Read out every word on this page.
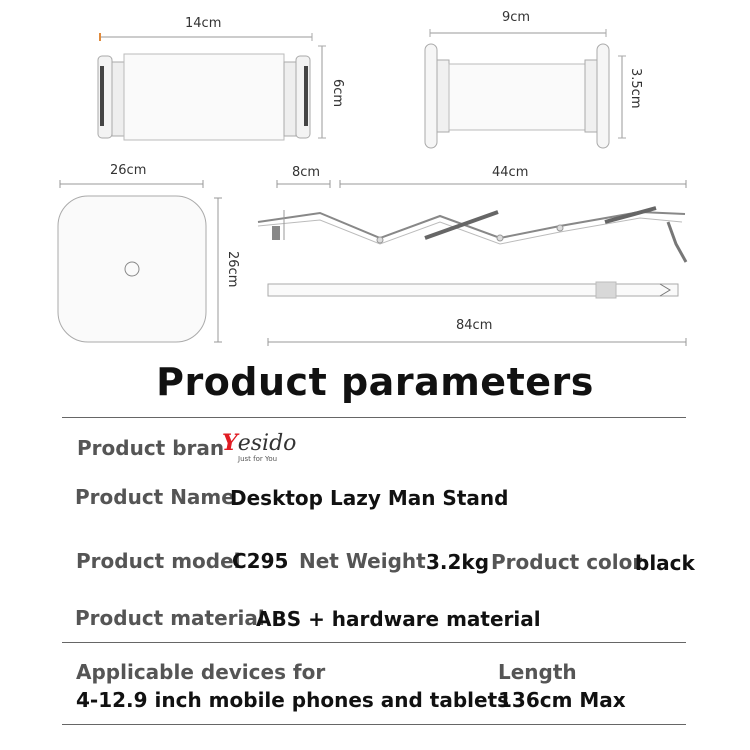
14cm
6cm
9cm
3.5cm
26cm
26cm
8cm	44cm
84cm
Product parameters
Product bran
Yesido
Just for You
Product Name
Desktop Lazy Man Stand
Product model
C295 Net Weight 3.2kg Product color
black
Product material
ABS + hardware material
Applicable devices for
4-12.9 inch mobile phones and tablets
Length
136cm Max
